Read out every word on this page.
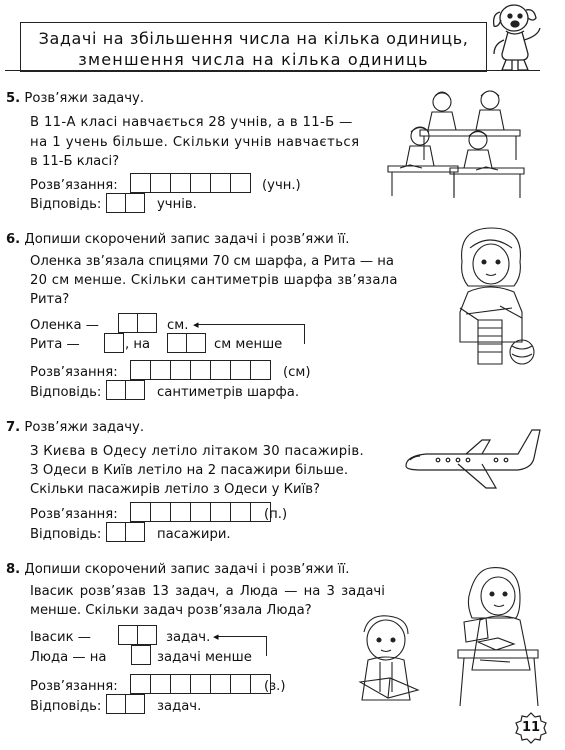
Задачі на збільшення числа на кілька одиниць,
зменшення числа на кілька одиниць
5. Розв’яжи задачу.
В 11-А класі навчається 28 учнів, а в 11-Б —
на 1 учень більше. Скільки учнів навчається
в 11-Б класі?
Розв’язання:	(учн.)
Відповідь:	учнів.
6. Допиши скорочений запис задачі і розв’яжи її.
Оленка зв’язала спицями 70 см шарфа, а Рита — на
20 см менше. Скільки сантиметрів шарфа зв’язала
Рита?
Оленка —	см. ◂
Рита —	, на	см менше
Розв’язання:	(см)
Відповідь:	сантиметрів шарфа.
7. Розв’яжи задачу.
З Києва в Одесу летіло літаком 30 пасажирів.
З Одеси в Київ летіло на 2 пасажири більше.
Скільки пасажирів летіло з Одеси у Київ?
Розв’язання:	(п.)
Відповідь:	пасажири.
8. Допиши скорочений запис задачі і розв’яжи її.
Івасик розв’язав 13 задач, а Люда — на 3 задачі
менше. Скільки задач розв’язала Люда?
Івасик —	задач. ◂
Люда — на	задачі менше
Розв’язання:	(з.)
Відповідь:	задач.
11
